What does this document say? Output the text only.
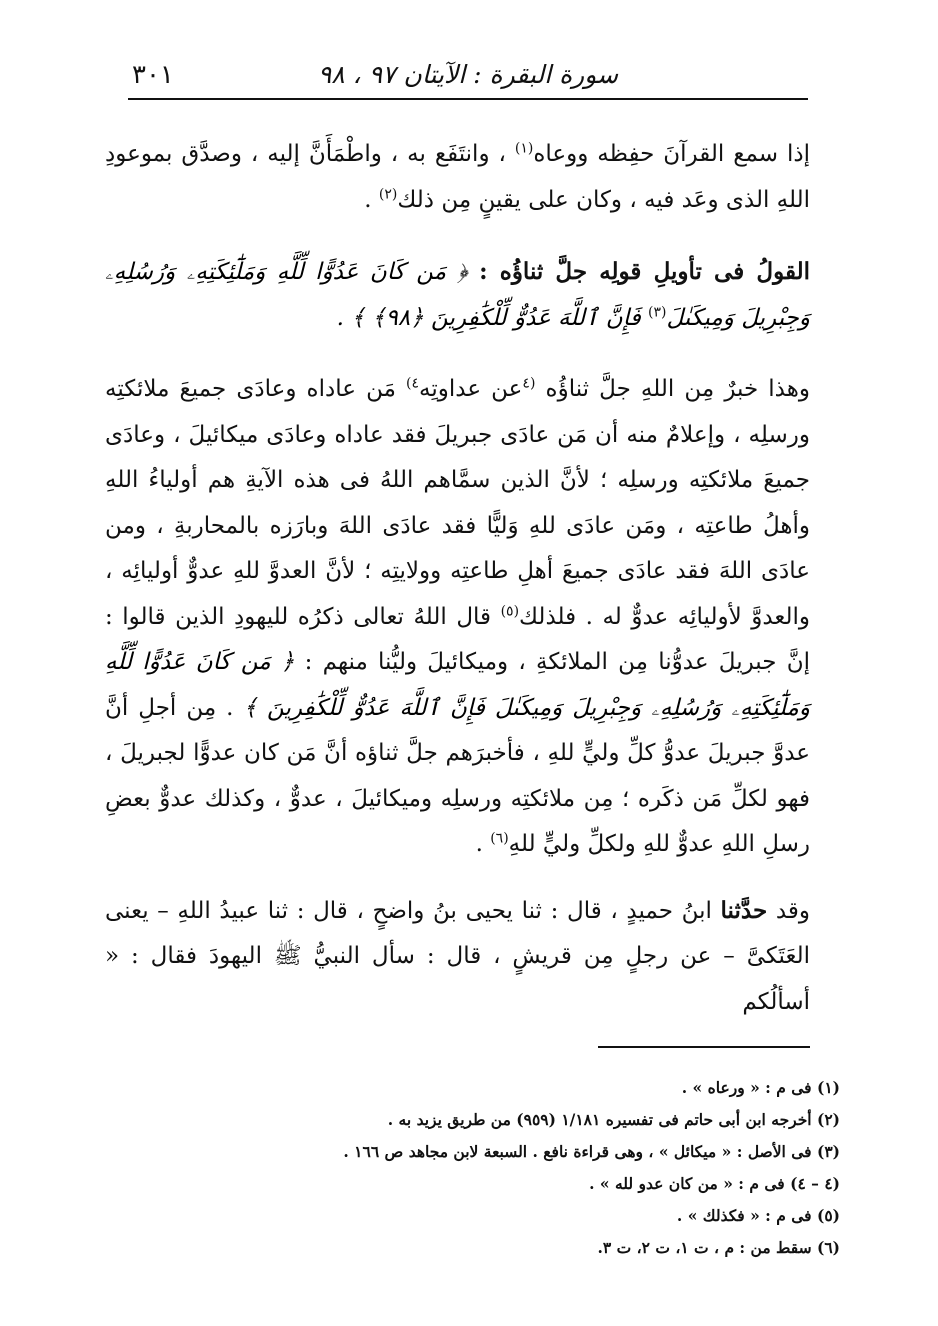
سورة البقرة : الآيتان ٩٧ ، ٩٨
٣٠١

إذا سمع القرآنَ حفِظه ووعاه$^{(١)}$ ، وانتَفَع به ، واطْمَأَنَّ إليه ، وصدَّق بموعودِ اللهِ الذى وعَد فيه ، وكان على يقينٍ مِن ذلك$^{(٢)}$ .

القولُ فى تأويلِ قولِه جلَّ ثناؤُه : ﴿ مَن كَانَ عَدُوًّا لِّلَّهِ وَمَلَٰٓئِكَتِهِۦ وَرُسُلِهِۦ وَجِبْرِيلَ وَمِيكَىٰلَ$^{(٣)}$ فَإِنَّ ٱللَّهَ عَدُوٌّ لِّلْكَٰفِرِينَ ﴿٩٨﴾ ﴾ .

وهذا خبرٌ مِن اللهِ جلَّ ثناؤُه $^{(٤}$عن عداوتِه$^{٤)}$ مَن عاداه وعادَى جميعَ ملائكتِه ورسلِه ، وإعلامٌ منه أن مَن عادَى جبريلَ فقد عاداه وعادَى ميكائيلَ ، وعادَى جميعَ ملائكتِه ورسلِه ؛ لأنَّ الذين سمَّاهم اللهُ فى هذه الآيةِ هم أولياءُ اللهِ وأهلُ طاعتِه ، ومَن عادَى للهِ وَليًّا فقد عادَى اللهَ وبارَزه بالمحاربةِ ، ومن عادَى اللهَ فقد عادَى جميعَ أهلِ طاعتِه وولايتِه ؛ لأنَّ العدوَّ للهِ عدوٌّ أوليائِه ، والعدوَّ لأوليائِه عدوٌّ له . فلذلك$^{(٥)}$ قال اللهُ تعالى ذكرُه لليهودِ الذين قالوا : إنَّ جبريلَ عدوُّنا مِن الملائكةِ ، وميكائيلَ وليُّنا منهم : ﴿ مَن كَانَ عَدُوًّا لِّلَّهِ وَمَلَٰٓئِكَتِهِۦ وَرُسُلِهِۦ وَجِبْرِيلَ وَمِيكَىٰلَ فَإِنَّ ٱللَّهَ عَدُوٌّ لِّلْكَٰفِرِينَ ﴾ . مِن أجلِ أنَّ عدوَّ جبريلَ عدوُّ كلِّ وليٍّ للهِ ، فأخبرَهم جلَّ ثناؤه أنَّ مَن كان عدوًّا لجبريلَ ، فهو لكلِّ مَن ذكَره ؛ مِن ملائكتِه ورسلِه وميكائيلَ ، عدوٌّ ، وكذلك عدوٌّ بعضِ رسلِ اللهِ عدوٌّ للهِ ولكلِّ وليٍّ للهِ$^{(٦)}$ .

وقد حدَّثنا ابنُ حميدٍ ، قال : ثنا يحيى بنُ واضحٍ ، قال : ثنا عبيدُ اللهِ – يعنى العَتَكىَّ – عن رجلٍ مِن قريشٍ ، قال : سأل النبيُّ ﷺ اليهودَ فقال : « أسألُكم

(١) فى م : « ورعاه » .

(٢) أخرجه ابن أبى حاتم فى تفسيره ١/١٨١ (٩٥٩) من طريق يزيد به .

(٣) فى الأصل : « ميكائل » ، وهى قراءة نافع . السبعة لابن مجاهد ص ١٦٦ .

(٤ – ٤) فى م : « من كان عدو لله » .

(٥) فى م : « فكذلك » .

(٦) سقط من : م ، ت ١، ت ٢، ت ٣.
